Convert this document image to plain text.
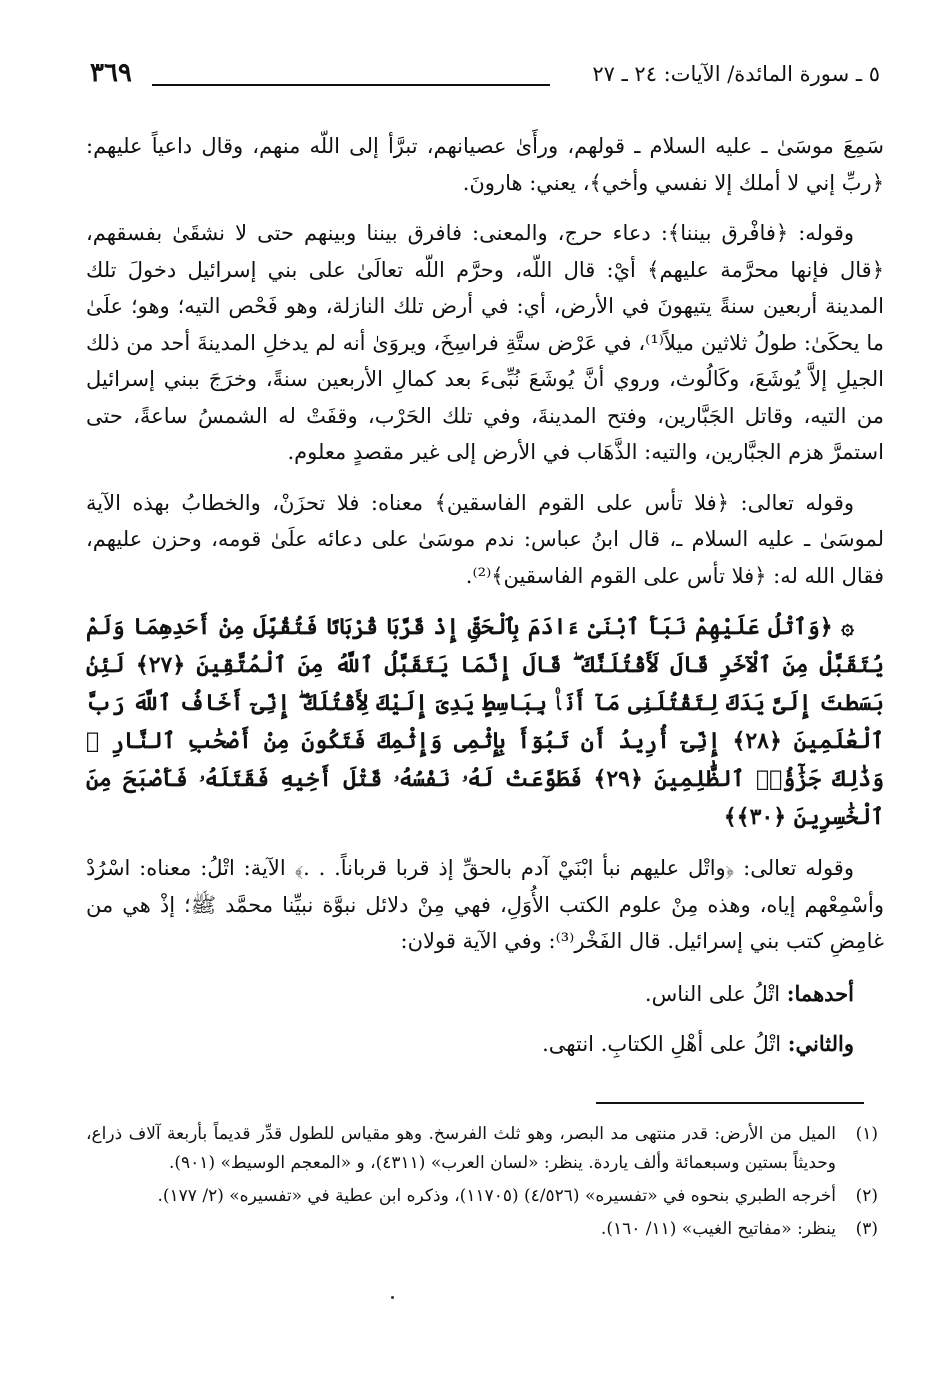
٥ ـ سورة المائدة/ الآيات: ٢٤ ـ ٢٧
٣٦٩

سَمِعَ موسَىٰ ـ عليه السلام ـ قولهم، ورأَىٰ عصيانهم، تبرَّأ إلى اللّه منهم، وقال داعياً عليهم: ﴿ربِّ إني لا أملك إلا نفسي وأخي﴾، يعني: هارونَ.

وقوله: ﴿فافْرق بيننا﴾: دعاء حرج، والمعنى: فافرق بيننا وبينهم حتى لا نشقَىٰ بفسقهم، ﴿قال فإنها محرَّمة عليهم﴾ أيْ: قال اللّه، وحرَّم اللّه تعالَىٰ على بني إسرائيل دخولَ تلك المدينة أربعين سنةً يتيهونَ في الأرض، أي: في أرض تلك النازلة، وهو فَحْص التيه؛ وهو؛ علَىٰ ما يحكَىٰ: طولُ ثلاثين ميلاً⁽¹⁾، في عَرْض ستَّةِ فراسِخَ، ويروَىٰ أنه لم يدخلِ المدينةَ أحد من ذلك الجيلِ إلاَّ يُوشَعَ، وكَالُوث، وروي أنَّ يُوشَعَ نُبِّىءَ بعد كمالِ الأربعين سنةً، وخرَجَ ببني إسرائيل من التيه، وقاتل الجَبَّارين، وفتح المدينةَ، وفي تلك الحَرْب، وقفَتْ له الشمسُ ساعةً، حتى استمرَّ هزم الجبَّارين، والتيه: الذَّهَاب في الأرض إلى غير مقصدٍ معلوم.

وقوله تعالى: ﴿فلا تأس على القوم الفاسقين﴾ معناه: فلا تحزَنْ، والخطابُ بهذه الآية لموسَىٰ ـ عليه السلام ـ، قال ابنُ عباس: ندم موسَىٰ على دعائه علَىٰ قومه، وحزن عليهم، فقال الله له: ﴿فلا تأس على القوم الفاسقين﴾⁽²⁾.

۞ ﴿وَٱتْلُ عَلَيْهِمْ نَبَأَ ٱبْنَىْ ءَادَمَ بِٱلْحَقِّ إِذْ قَرَّبَا قُرْبَانًا فَتُقُبِّلَ مِنْ أَحَدِهِمَا وَلَمْ يُتَقَبَّلْ مِنَ ٱلْآخَرِ قَالَ لَأَقْتُلَنَّكَ ۖ قَالَ إِنَّمَا يَتَقَبَّلُ ٱللَّهُ مِنَ ٱلْمُتَّقِينَ ﴿٢٧﴾ لَئِنۢ بَسَطتَ إِلَىَّ يَدَكَ لِتَقْتُلَنِى مَآ أَنَا۠ بِبَاسِطٍ يَدِىَ إِلَيْكَ لِأَقْتُلَكَ ۖ إِنِّىٓ أَخَافُ ٱللَّهَ رَبَّ ٱلْعَٰلَمِينَ ﴿٢٨﴾ إِنِّىٓ أُرِيدُ أَن تَبُوٓأَ بِإِثْمِى وَإِثْمِكَ فَتَكُونَ مِنْ أَصْحَٰبِ ٱلنَّارِ ۚ وَذَٰلِكَ جَزَٰٓؤُا۟ ٱلظَّٰلِمِينَ ﴿٢٩﴾ فَطَوَّعَتْ لَهُۥ نَفْسُهُۥ قَتْلَ أَخِيهِ فَقَتَلَهُۥ فَأَصْبَحَ مِنَ ٱلْخَٰسِرِينَ ﴿٣٠﴾﴾

وقوله تعالى: ﴿واتْل عليهم نبأ ابْنَيْ آدم بالحقِّ إذ قربا قرباناً. . .﴾ الآية: اتْلُ: معناه: اسْرُدْ وأسْمِعْهم إياه، وهذه مِنْ علوم الكتب الأُوَلِ، فهي مِنْ دلائل نبوَّة نبيِّنا محمَّد ﷺ؛ إذْ هي من غامِضِ كتب بني إسرائيل. قال الفَخْر⁽³⁾: وفي الآية قولان:

أحدهما: اتْلُ على الناس.

والثاني: اتْلُ على أهْلِ الكتابِ. انتهى.

(١)
الميل من الأرض: قدر منتهى مد البصر، وهو ثلث الفرسخ. وهو مقياس للطول قدِّر قديماً بأربعة آلاف ذراع، وحديثاً بستين وسبعمائة وألف ياردة. ينظر: «لسان العرب» (٤٣١١)، و «المعجم الوسيط» (٩٠١).
(٢)
أخرجه الطبري بنحوه في «تفسيره» (٤/٥٢٦) (١١٧٠٥)، وذكره ابن عطية في «تفسيره» (٢/ ١٧٧).
(٣)
ينظر: «مفاتيح الغيب» (١١/ ١٦٠).
